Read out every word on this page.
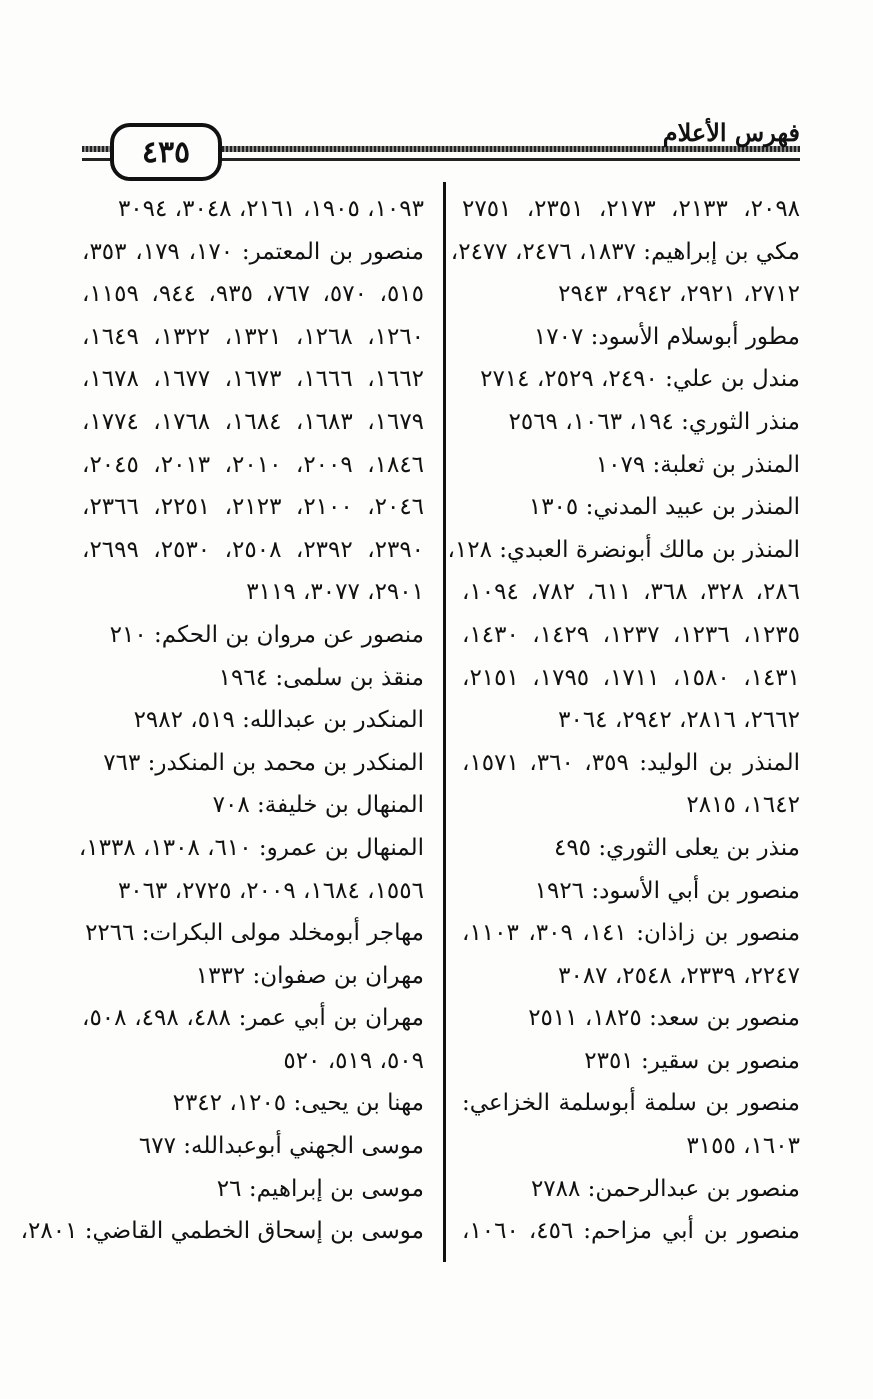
٤٣٥
فهرس الأعلام
٢٠٩٨، ٢١٣٣، ٢١٧٣، ٢٣٥١، ٢٧٥١
مكي بن إبراهيم: ١٨٣٧، ٢٤٧٦، ٢٤٧٧،
٢٧١٢، ٢٩٢١، ٢٩٤٢، ٢٩٤٣
مطور أبوسلام الأسود: ١٧٠٧
مندل بن علي: ٢٤٩٠، ٢٥٢٩، ٢٧١٤
منذر الثوري: ١٩٤، ١٠٦٣، ٢٥٦٩
المنذر بن ثعلبة: ١٠٧٩
المنذر بن عبيد المدني: ١٣٠٥
المنذر بن مالك أبونضرة العبدي: ١٢٨،
٢٨٦، ٣٢٨، ٣٦٨، ٦١١، ٧٨٢، ١٠٩٤،
١٢٣٥، ١٢٣٦، ١٢٣٧، ١٤٢٩، ١٤٣٠،
١٤٣١، ١٥٨٠، ١٧١١، ١٧٩٥، ٢١٥١،
٢٦٦٢، ٢٨١٦، ٢٩٤٢، ٣٠٦٤
المنذر بن الوليد: ٣٥٩، ٣٦٠، ١٥٧١،
١٦٤٢، ٢٨١٥
منذر بن يعلى الثوري: ٤٩٥
منصور بن أبي الأسود: ١٩٢٦
منصور بن زاذان: ١٤١، ٣٠٩، ١١٠٣،
٢٢٤٧، ٢٣٣٩، ٢٥٤٨، ٣٠٨٧
منصور بن سعد: ١٨٢٥، ٢٥١١
منصور بن سقير: ٢٣٥١
منصور بن سلمة أبوسلمة الخزاعي:
١٦٠٣، ٣١٥٥
منصور بن عبدالرحمن: ٢٧٨٨
منصور بن أبي مزاحم: ٤٥٦، ١٠٦٠،
١٠٩٣، ١٩٠٥، ٢١٦١، ٣٠٤٨، ٣٠٩٤
منصور بن المعتمر: ١٧٠، ١٧٩، ٣٥٣،
٥١٥، ٥٧٠، ٧٦٧، ٩٣٥، ٩٤٤، ١١٥٩،
١٢٦٠، ١٢٦٨، ١٣٢١، ١٣٢٢، ١٦٤٩،
١٦٦٢، ١٦٦٦، ١٦٧٣، ١٦٧٧، ١٦٧٨،
١٦٧٩، ١٦٨٣، ١٦٨٤، ١٧٦٨، ١٧٧٤،
١٨٤٦، ٢٠٠٩، ٢٠١٠، ٢٠١٣، ٢٠٤٥،
٢٠٤٦، ٢١٠٠، ٢١٢٣، ٢٢٥١، ٢٣٦٦،
٢٣٩٠، ٢٣٩٢، ٢٥٠٨، ٢٥٣٠، ٢٦٩٩،
٢٩٠١، ٣٠٧٧، ٣١١٩
منصور عن مروان بن الحكم: ٢١٠
منقذ بن سلمى: ١٩٦٤
المنكدر بن عبدالله: ٥١٩، ٢٩٨٢
المنكدر بن محمد بن المنكدر: ٧٦٣
المنهال بن خليفة: ٧٠٨
المنهال بن عمرو: ٦١٠، ١٣٠٨، ١٣٣٨،
١٥٥٦، ١٦٨٤، ٢٠٠٩، ٢٧٢٥، ٣٠٦٣
مهاجر أبومخلد مولى البكرات: ٢٢٦٦
مهران بن صفوان: ١٣٣٢
مهران بن أبي عمر: ٤٨٨، ٤٩٨، ٥٠٨،
٥٠٩، ٥١٩، ٥٢٠
مهنا بن يحيى: ١٢٠٥، ٢٣٤٢
موسى الجهني أبوعبدالله: ٦٧٧
موسى بن إبراهيم: ٢٦
موسى بن إسحاق الخطمي القاضي: ٢٨٠١،
